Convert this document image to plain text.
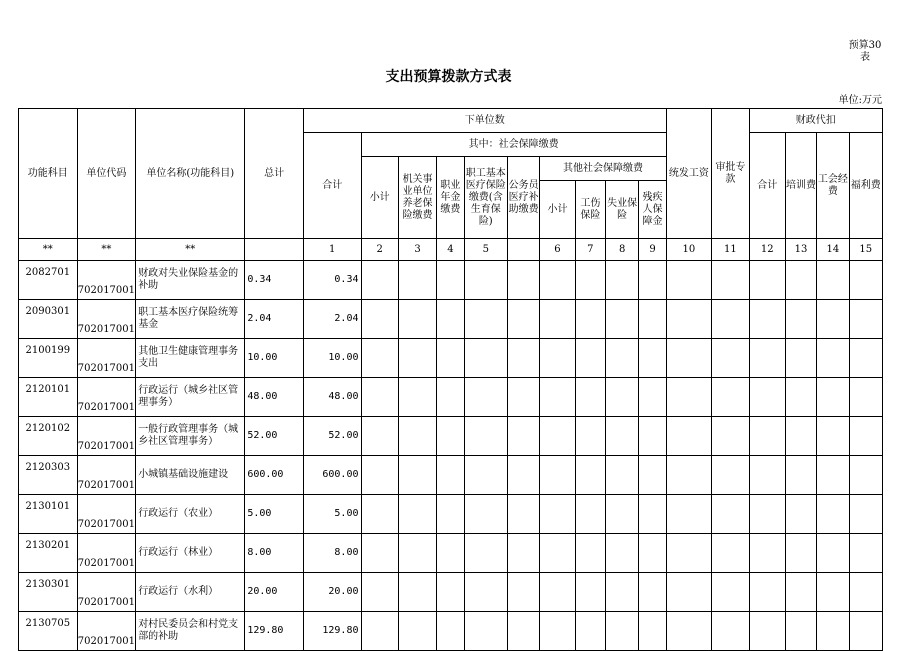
预算30
表
支出预算拨款方式表
单位:万元
功能科目	单位代码	单位名称(功能科目)	总计	下单位数										统发工资	审批专款	财政代扣			
				合计	其中：社会保障缴费											合计	培训费	工会经费	福利费
					小计	机关事业单位养老保险缴费	职业年金缴费	职工基本医疗保险缴费(含生育保险)	公务员医疗补助缴费	其他社会保障缴费									
										小计	工伤保险	失业保险	残疾人保障金						
**	**	**		1	2	3	4	5		6	7	8	9	10	11	12	13	14	15
2082701	702017001	财政对失业保险基金的补助	0.34	0.34															
2090301	702017001	职工基本医疗保险统筹基金	2.04	2.04															
2100199	702017001	其他卫生健康管理事务支出	10.00	10.00															
2120101	702017001	行政运行（城乡社区管理事务）	48.00	48.00															
2120102	702017001	一般行政管理事务（城乡社区管理事务）	52.00	52.00															
2120303	702017001	小城镇基础设施建设	600.00	600.00															
2130101	702017001	行政运行（农业）	5.00	5.00															
2130201	702017001	行政运行（林业）	8.00	8.00															
2130301	702017001	行政运行（水利）	20.00	20.00															
2130705	702017001	对村民委员会和村党支部的补助	129.80	129.80															
